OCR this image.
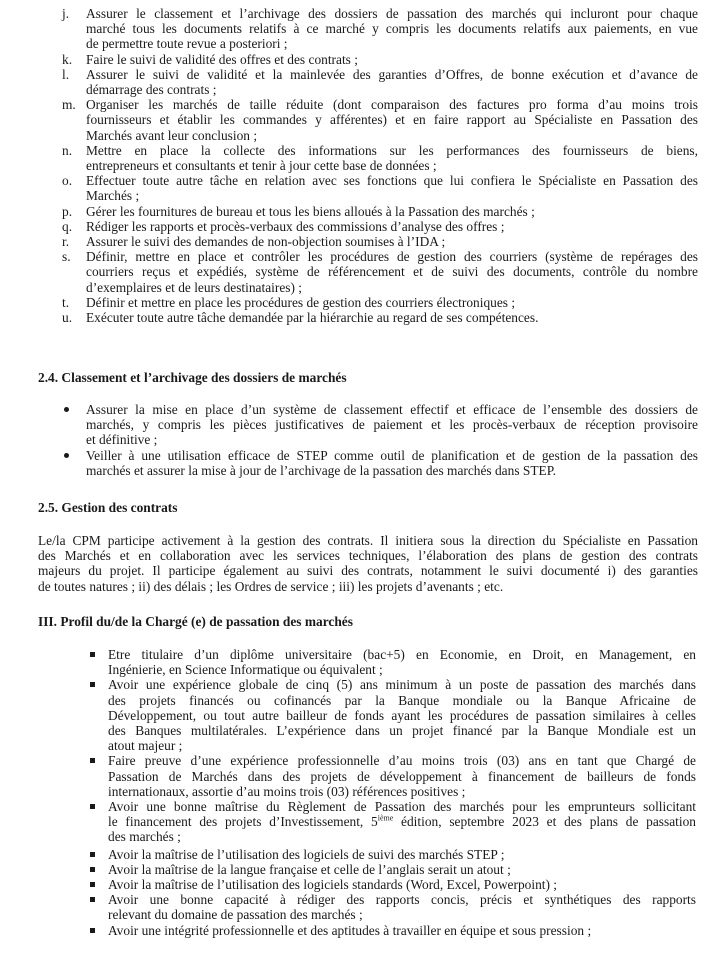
j. Assurer le classement et l’archivage des dossiers de passation des marchés qui incluront pour chaque
marché tous les documents relatifs à ce marché y compris les documents relatifs aux paiements, en vue
de permettre toute revue a posteriori ;
k. Faire le suivi de validité des offres et des contrats ;
l. Assurer le suivi de validité et la mainlevée des garanties d’Offres, de bonne exécution et d’avance de
démarrage des contrats ;
m. Organiser les marchés de taille réduite (dont comparaison des factures pro forma d’au moins trois
fournisseurs et établir les commandes y afférentes) et en faire rapport au Spécialiste en Passation des
Marchés avant leur conclusion ;
n. Mettre en place la collecte des informations sur les performances des fournisseurs de biens,
entrepreneurs et consultants et tenir à jour cette base de données ;
o. Effectuer toute autre tâche en relation avec ses fonctions que lui confiera le Spécialiste en Passation des
Marchés ;
p. Gérer les fournitures de bureau et tous les biens alloués à la Passation des marchés ;
q. Rédiger les rapports et procès-verbaux des commissions d’analyse des offres ;
r. Assurer le suivi des demandes de non-objection soumises à l’IDA ;
s. Définir, mettre en place et contrôler les procédures de gestion des courriers (système de repérages des
courriers reçus et expédiés, système de référencement et de suivi des documents, contrôle du nombre
d’exemplaires et de leurs destinataires) ;
t. Définir et mettre en place les procédures de gestion des courriers électroniques ;
u. Exécuter toute autre tâche demandée par la hiérarchie au regard de ses compétences.
2.4. Classement et l’archivage des dossiers de marchés
Assurer la mise en place d’un système de classement effectif et efficace de l’ensemble des dossiers de
marchés, y compris les pièces justificatives de paiement et les procès-verbaux de réception provisoire
et définitive ;
Veiller à une utilisation efficace de STEP comme outil de planification et de gestion de la passation des
marchés et assurer la mise à jour de l’archivage de la passation des marchés dans STEP.
2.5. Gestion des contrats
Le/la CPM participe activement à la gestion des contrats. Il initiera sous la direction du Spécialiste en Passation
des Marchés et en collaboration avec les services techniques, l’élaboration des plans de gestion des contrats
majeurs du projet. Il participe également au suivi des contrats, notamment le suivi documenté i) des garanties
de toutes natures ; ii) des délais ; les Ordres de service ; iii) les projets d’avenants ; etc.
III. Profil du/de la Chargé (e) de passation des marchés
Etre titulaire d’un diplôme universitaire (bac+5) en Economie, en Droit, en Management, en
Ingénierie, en Science Informatique ou équivalent ;
Avoir une expérience globale de cinq (5) ans minimum à un poste de passation des marchés dans
des projets financés ou cofinancés par la Banque mondiale ou la Banque Africaine de
Développement, ou tout autre bailleur de fonds ayant les procédures de passation similaires à celles
des Banques multilatérales. L’expérience dans un projet financé par la Banque Mondiale est un
atout majeur ;
Faire preuve d’une expérience professionnelle d’au moins trois (03) ans en tant que Chargé de
Passation de Marchés dans des projets de développement à financement de bailleurs de fonds
internationaux, assortie d’au moins trois (03) références positives ;
Avoir une bonne maîtrise du Règlement de Passation des marchés pour les emprunteurs sollicitant
le financement des projets d’Investissement, 5ième édition, septembre 2023 et des plans de passation
des marchés ;
Avoir la maîtrise de l’utilisation des logiciels de suivi des marchés STEP ;
Avoir la maîtrise de la langue française et celle de l’anglais serait un atout ;
Avoir la maîtrise de l’utilisation des logiciels standards (Word, Excel, Powerpoint) ;
Avoir une bonne capacité à rédiger des rapports concis, précis et synthétiques des rapports
relevant du domaine de passation des marchés ;
Avoir une intégrité professionnelle et des aptitudes à travailler en équipe et sous pression ;
